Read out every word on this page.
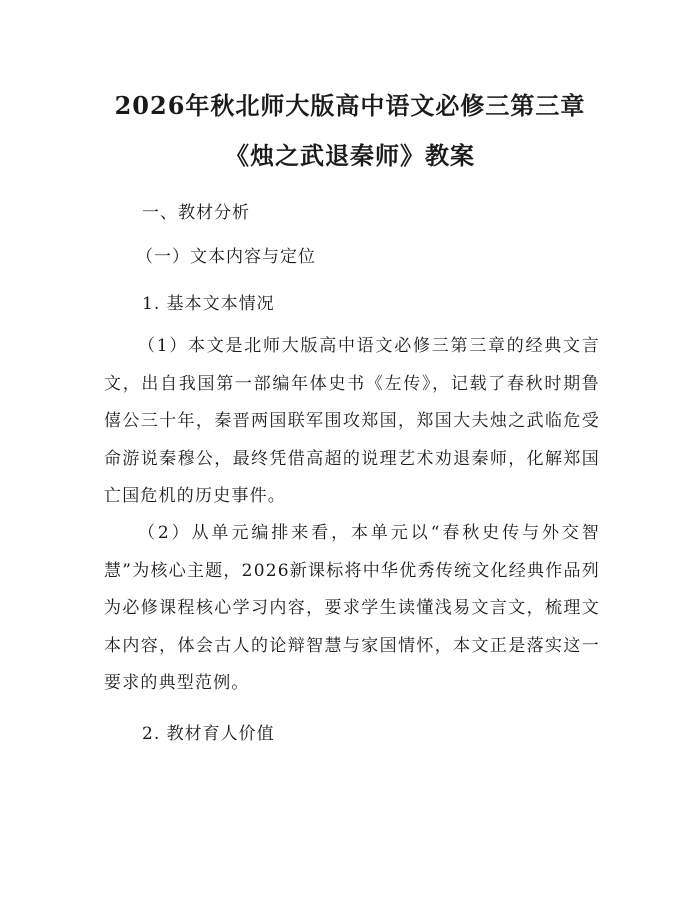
2026年秋北师大版高中语文必修三第三章
《烛之武退秦师》教案

一、教材分析

（一）文本内容与定位

1. 基本文本情况

（1）本文是北师大版高中语文必修三第三章的经典文言文，出自我国第一部编年体史书《左传》，记载了春秋时期鲁僖公三十年，秦晋两国联军围攻郑国，郑国大夫烛之武临危受命游说秦穆公，最终凭借高超的说理艺术劝退秦师，化解郑国亡国危机的历史事件。

（2）从单元编排来看，本单元以“春秋史传与外交智慧”为核心主题，2026新课标将中华优秀传统文化经典作品列为必修课程核心学习内容，要求学生读懂浅易文言文，梳理文本内容，体会古人的论辩智慧与家国情怀，本文正是落实这一要求的典型范例。

2. 教材育人价值
